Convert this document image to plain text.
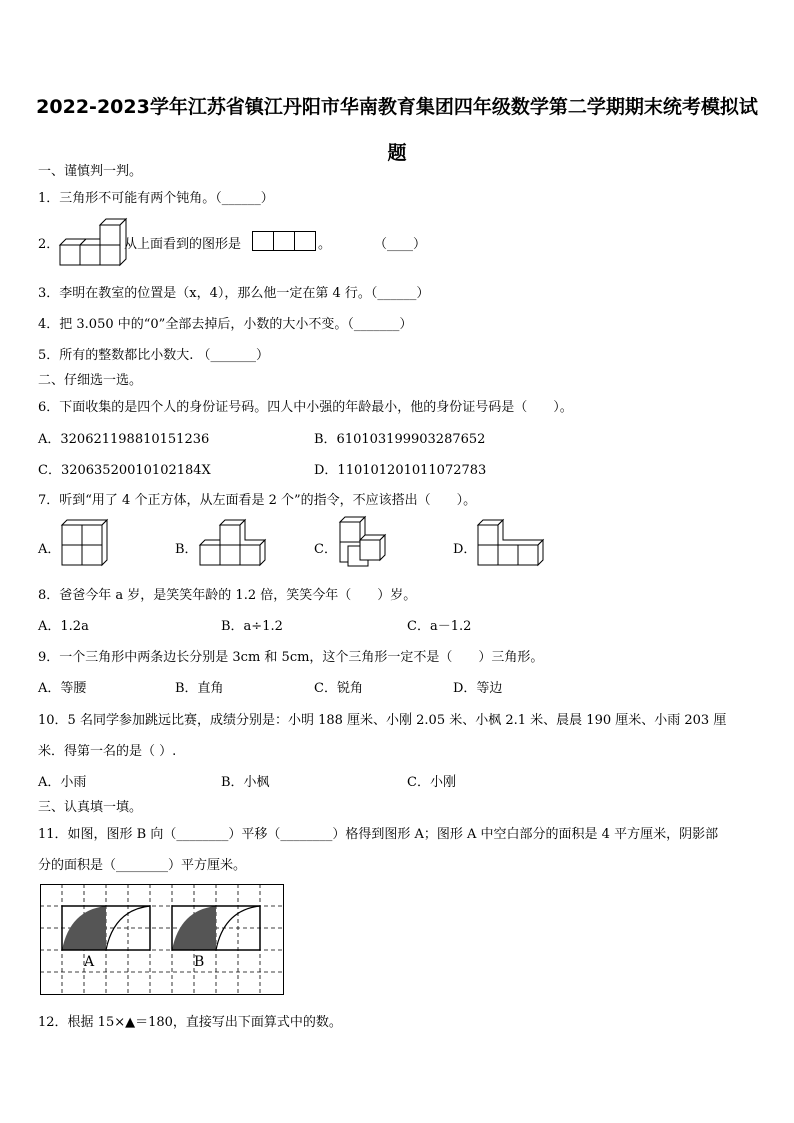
2022-2023学年江苏省镇江丹阳市华南教育集团四年级数学第二学期期末统考模拟试
题
一、谨慎判一判。
1．三角形不可能有两个钝角。（______）
2．	从上面看到的图形是	。	（____）
3．李明在教室的位置是（x，4），那么他一定在第 4 行。（______）
4．把 3.050 中的“0”全部去掉后，小数的大小不变。（_______）
5．所有的整数都比小数大. （_______）
二、仔细选一选。
6．下面收集的是四个人的身份证号码。四人中小强的年龄最小，他的身份证号码是（　　）。
A．320621198810151236	B．610103199903287652
C．32063520010102184X	D．110101201011072783
7．听到“用了 4 个正方体，从左面看是 2 个”的指令，不应该搭出（　　）。
A．	B．	C．	D．
8．爸爸今年 a 岁，是笑笑年龄的 1.2 倍，笑笑今年（　　）岁。
A．1.2a	B．a÷1.2	C．a－1.2
9．一个三角形中两条边长分别是 3cm 和 5cm，这个三角形一定不是（　　）三角形。
A．等腰	B．直角	C．锐角	D．等边
10．5 名同学参加跳远比赛，成绩分别是：小明 188 厘米、小刚 2.05 米、小枫 2.1 米、晨晨 190 厘米、小雨 203 厘
米．得第一名的是（ ）.
A．小雨	B．小枫	C．小刚
三、认真填一填。
11．如图，图形 B 向（________）平移（________）格得到图形 A；图形 A 中空白部分的面积是 4 平方厘米，阴影部
分的面积是（________）平方厘米。
A	B
12．根据 15×▲＝180，直接写出下面算式中的数。
